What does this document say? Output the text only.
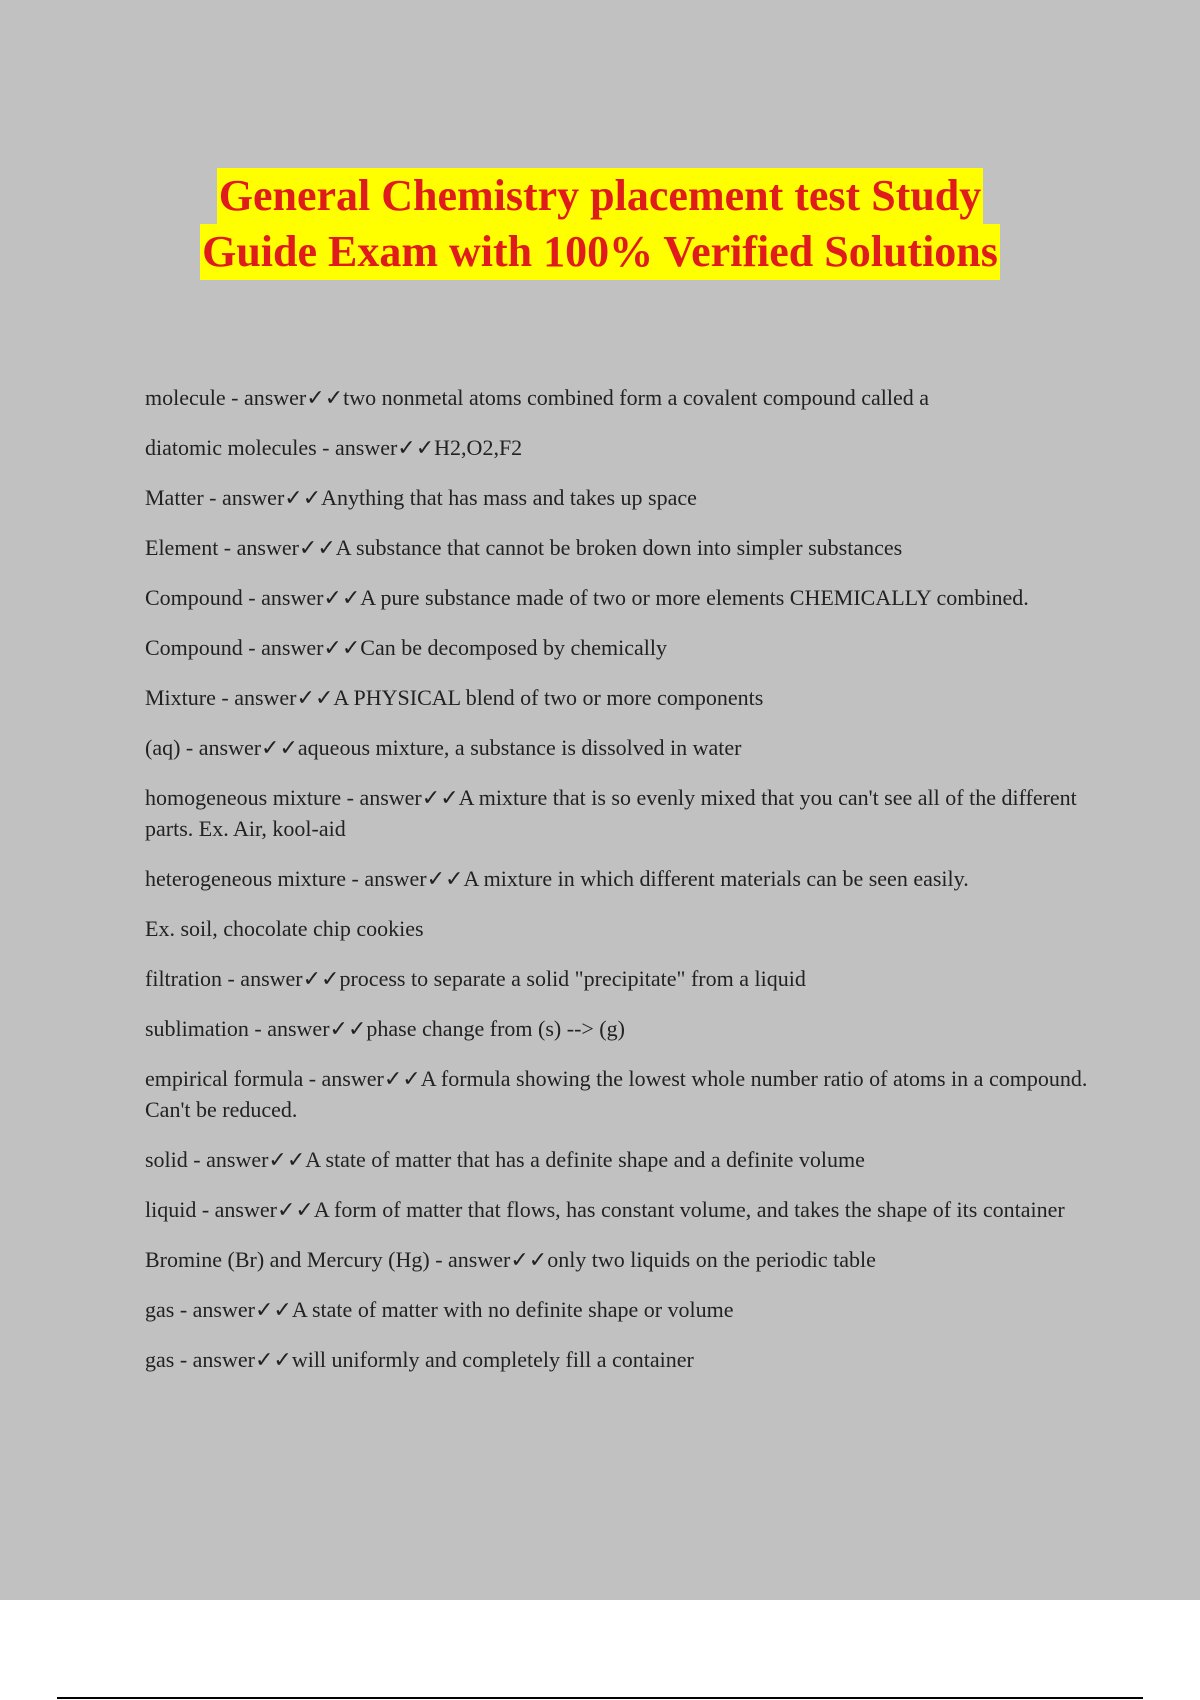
General Chemistry placement test Study
Guide Exam with 100% Verified Solutions
molecule - answer✓✓two nonmetal atoms combined form a covalent compound called a
diatomic molecules - answer✓✓H2,O2,F2
Matter - answer✓✓Anything that has mass and takes up space
Element - answer✓✓A substance that cannot be broken down into simpler substances
Compound - answer✓✓A pure substance made of two or more elements CHEMICALLY combined.
Compound - answer✓✓Can be decomposed by chemically
Mixture - answer✓✓A PHYSICAL blend of two or more components
(aq) - answer✓✓aqueous mixture, a substance is dissolved in water
homogeneous mixture - answer✓✓A mixture that is so evenly mixed that you can't see all of the different parts. Ex. Air, kool-aid
heterogeneous mixture - answer✓✓A mixture in which different materials can be seen easily.
Ex. soil, chocolate chip cookies
filtration - answer✓✓process to separate a solid "precipitate" from a liquid
sublimation - answer✓✓phase change from (s) --> (g)
empirical formula - answer✓✓A formula showing the lowest whole number ratio of atoms in a compound. Can't be reduced.
solid - answer✓✓A state of matter that has a definite shape and a definite volume
liquid - answer✓✓A form of matter that flows, has constant volume, and takes the shape of its container
Bromine (Br) and Mercury (Hg) - answer✓✓only two liquids on the periodic table
gas - answer✓✓A state of matter with no definite shape or volume
gas - answer✓✓will uniformly and completely fill a container
